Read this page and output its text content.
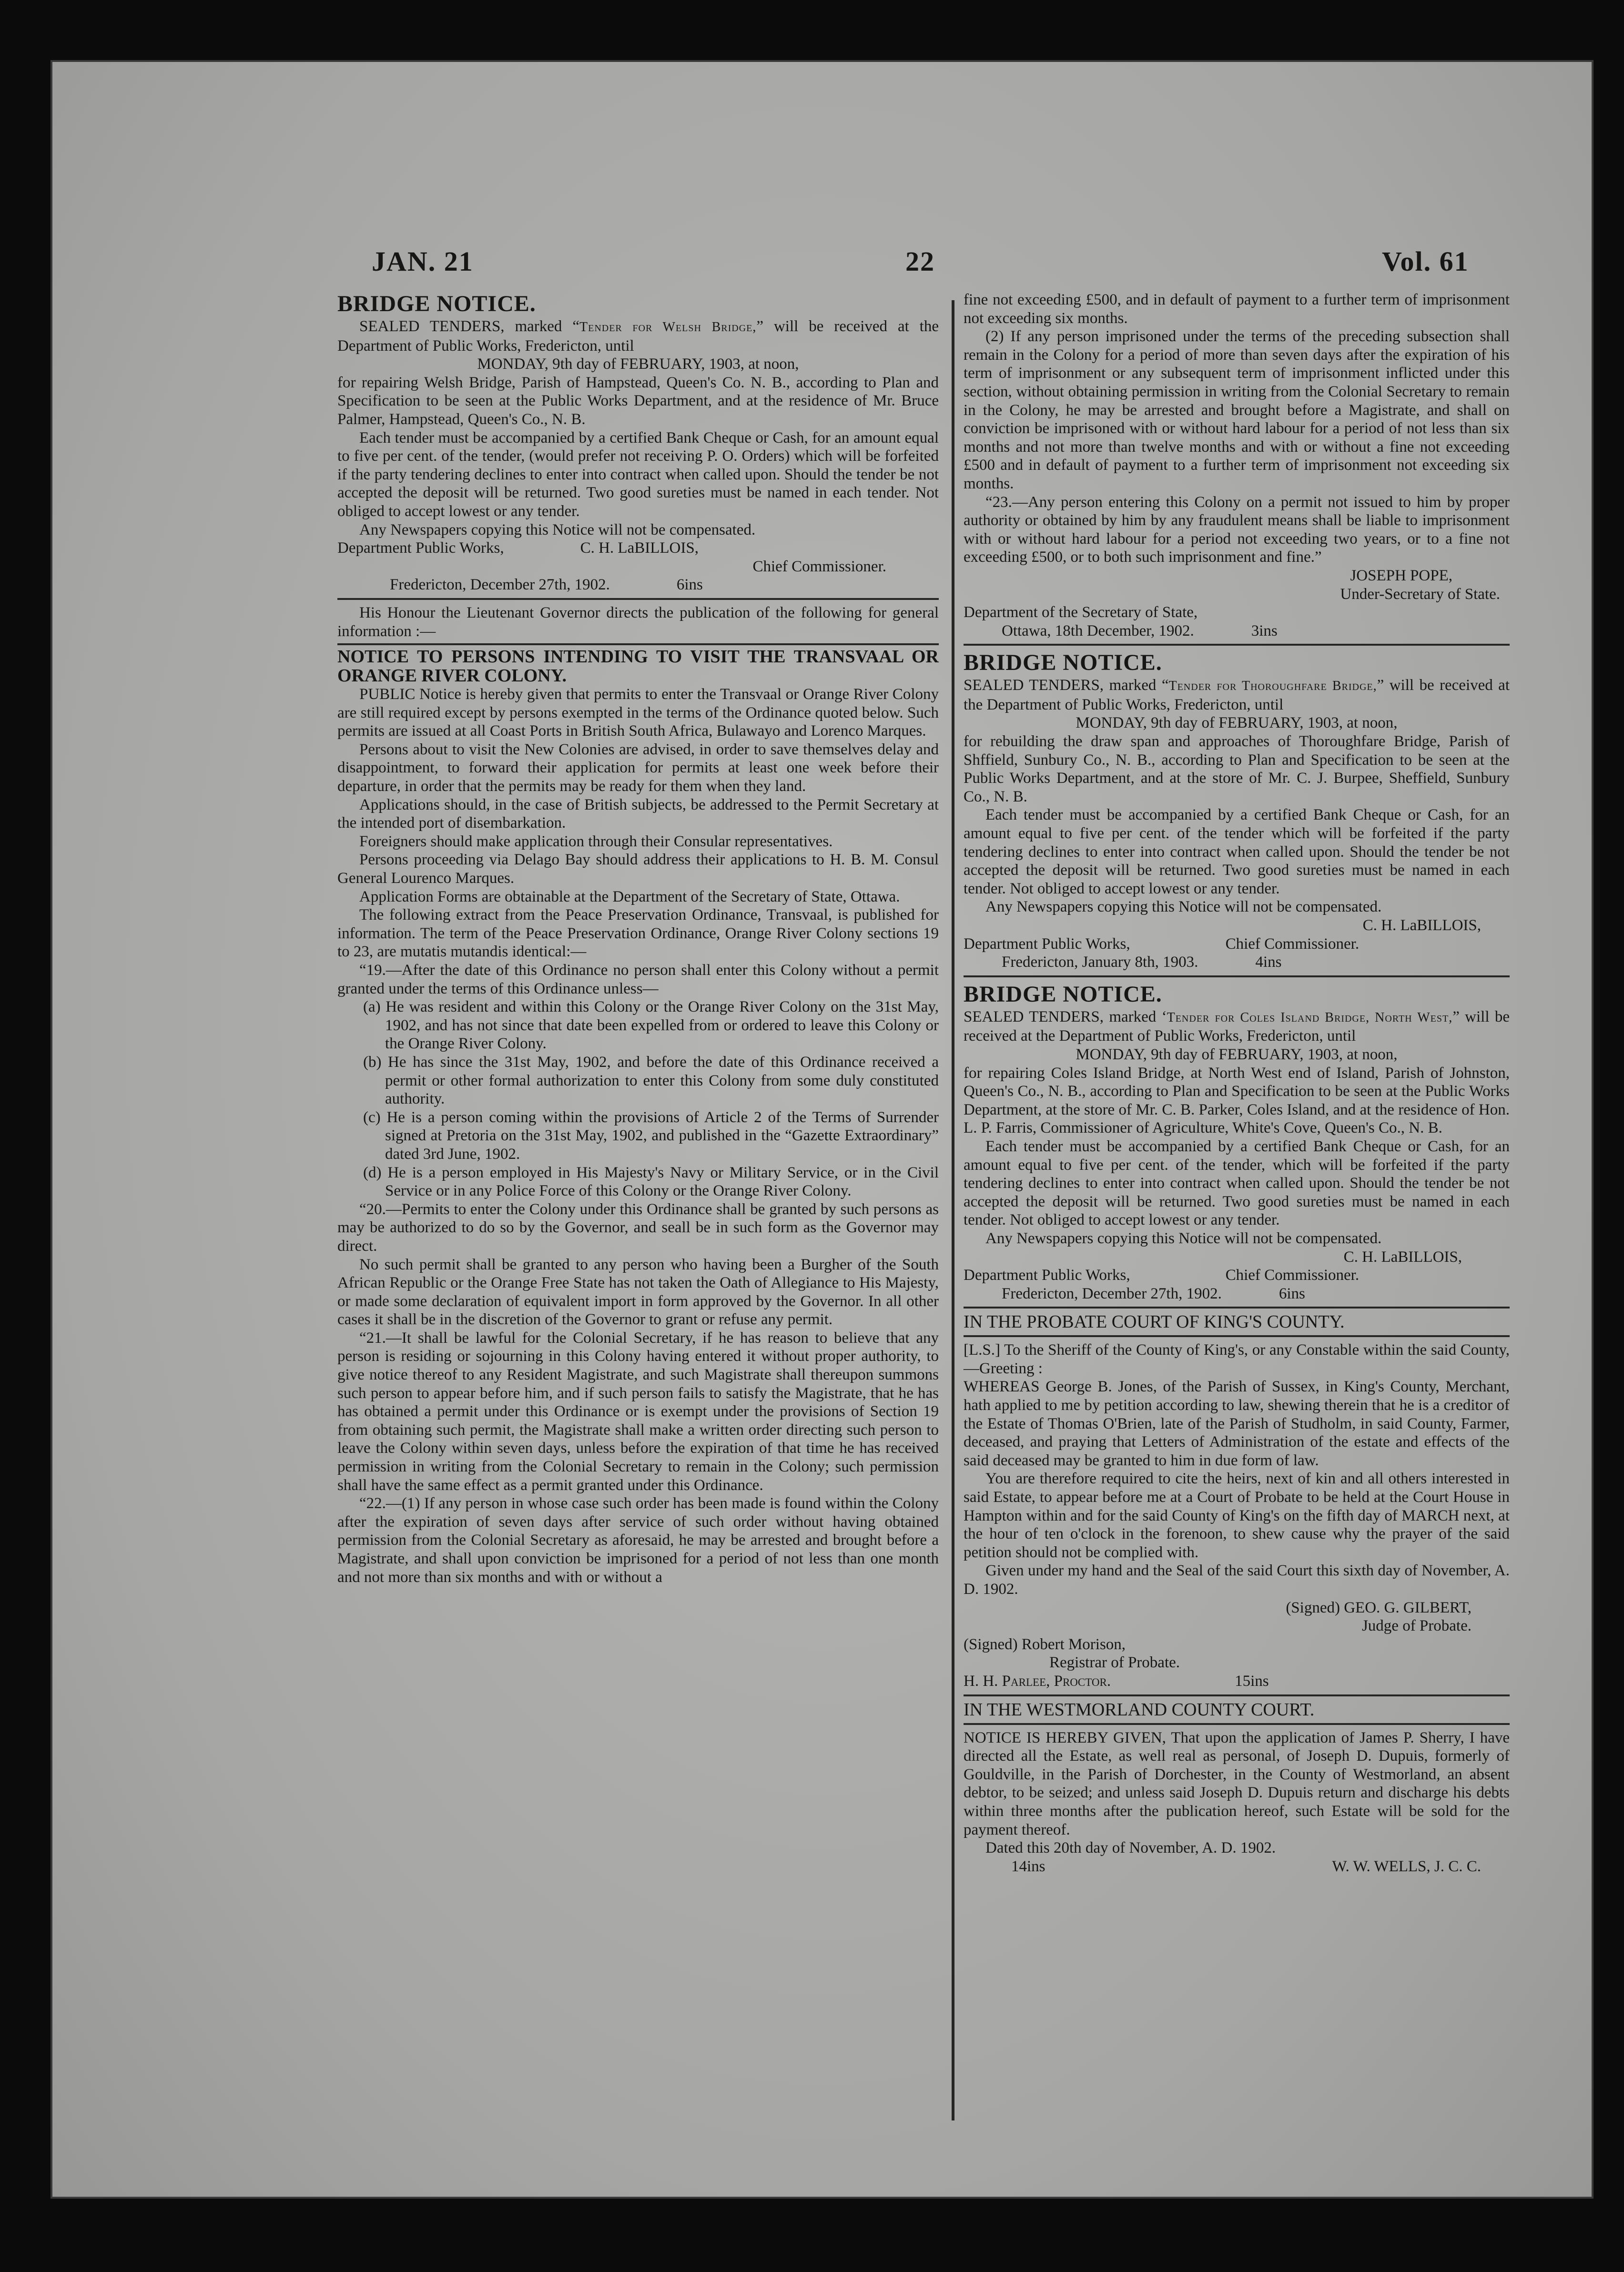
JAN. 21	22	Vol. 61

BRIDGE NOTICE.

SEALED TENDERS, marked “Tender for Welsh Bridge,” will be received at the Department of Public Works, Fredericton, until

MONDAY, 9th day of FEBRUARY, 1903, at noon,

for repairing Welsh Bridge, Parish of Hampstead, Queen's Co. N. B., according to Plan and Specification to be seen at the Public Works Department, and at the residence of Mr. Bruce Palmer, Hampstead, Queen's Co., N. B.

Each tender must be accompanied by a certified Bank Cheque or Cash, for an amount equal to five per cent. of the tender, (would prefer not receiving P. O. Orders) which will be forfeited if the party tendering declines to enter into contract when called upon. Should the tender be not accepted the deposit will be returned. Two good sureties must be named in each tender. Not obliged to accept lowest or any tender.

Any Newspapers copying this Notice will not be compensated.

Department Public Works,	C. H. LaBILLOIS,

Chief Commissioner.

Fredericton, December 27th, 1902.	6ins

His Honour the Lieutenant Governor directs the publication of the following for general information :—

NOTICE TO PERSONS INTENDING TO VISIT THE TRANSVAAL OR ORANGE RIVER COLONY.

PUBLIC Notice is hereby given that permits to enter the Transvaal or Orange River Colony are still required except by persons exempted in the terms of the Ordinance quoted below. Such permits are issued at all Coast Ports in British South Africa, Bulawayo and Lorenco Marques.

Persons about to visit the New Colonies are advised, in order to save themselves delay and disappointment, to forward their application for permits at least one week before their departure, in order that the permits may be ready for them when they land.

Applications should, in the case of British subjects, be addressed to the Permit Secretary at the intended port of disembarkation.

Foreigners should make application through their Consular representatives.

Persons proceeding via Delago Bay should address their applications to H. B. M. Consul General Lourenco Marques.

Application Forms are obtainable at the Department of the Secretary of State, Ottawa.

The following extract from the Peace Preservation Ordinance, Transvaal, is published for information. The term of the Peace Preservation Ordinance, Orange River Colony sections 19 to 23, are mutatis mutandis identical:—

“19.—After the date of this Ordinance no person shall enter this Colony without a permit granted under the terms of this Ordinance unless—

(a) He was resident and within this Colony or the Orange River Colony on the 31st May, 1902, and has not since that date been expelled from or ordered to leave this Colony or the Orange River Colony.

(b) He has since the 31st May, 1902, and before the date of this Ordinance received a permit or other formal authorization to enter this Colony from some duly constituted authority.

(c) He is a person coming within the provisions of Article 2 of the Terms of Surrender signed at Pretoria on the 31st May, 1902, and published in the “Gazette Extraordinary” dated 3rd June, 1902.

(d) He is a person employed in His Majesty's Navy or Military Service, or in the Civil Service or in any Police Force of this Colony or the Orange River Colony.

“20.—Permits to enter the Colony under this Ordinance shall be granted by such persons as may be authorized to do so by the Governor, and seall be in such form as the Governor may direct.

No such permit shall be granted to any person who having been a Burgher of the South African Republic or the Orange Free State has not taken the Oath of Allegiance to His Majesty, or made some declaration of equivalent import in form approved by the Governor. In all other cases it shall be in the discretion of the Governor to grant or refuse any permit.

“21.—It shall be lawful for the Colonial Secretary, if he has reason to believe that any person is residing or sojourning in this Colony having entered it without proper authority, to give notice thereof to any Resident Magistrate, and such Magistrate shall thereupon summons such person to appear before him, and if such person fails to satisfy the Magistrate, that he has has obtained a permit under this Ordinance or is exempt under the provisions of Section 19 from obtaining such permit, the Magistrate shall make a written order directing such person to leave the Colony within seven days, unless before the expiration of that time he has received permission in writing from the Colonial Secretary to remain in the Colony; such permission shall have the same effect as a permit granted under this Ordinance.

“22.—(1) If any person in whose case such order has been made is found within the Colony after the expiration of seven days after service of such order without having obtained permission from the Colonial Secretary as aforesaid, he may be arrested and brought before a Magistrate, and shall upon conviction be imprisoned for a period of not less than one month and not more than six months and with or without a

fine not exceeding £500, and in default of payment to a further term of imprisonment not exceeding six months.

(2) If any person imprisoned under the terms of the preceding subsection shall remain in the Colony for a period of more than seven days after the expiration of his term of imprisonment or any subsequent term of imprisonment inflicted under this section, without obtaining permission in writing from the Colonial Secretary to remain in the Colony, he may be arrested and brought before a Magistrate, and shall on conviction be imprisoned with or without hard labour for a period of not less than six months and not more than twelve months and with or without a fine not exceeding £500 and in default of payment to a further term of imprisonment not exceeding six months.

“23.—Any person entering this Colony on a permit not issued to him by proper authority or obtained by him by any fraudulent means shall be liable to imprisonment with or without hard labour for a period not exceeding two years, or to a fine not exceeding £500, or to both such imprisonment and fine.”

JOSEPH POPE,

Under-Secretary of State.

Department of the Secretary of State,

Ottawa, 18th December, 1902.	3ins

BRIDGE NOTICE.

SEALED TENDERS, marked “Tender for Thoroughfare Bridge,” will be received at the Department of Public Works, Fredericton, until

MONDAY, 9th day of FEBRUARY, 1903, at noon,

for rebuilding the draw span and approaches of Thoroughfare Bridge, Parish of Shffield, Sunbury Co., N. B., according to Plan and Specification to be seen at the Public Works Department, and at the store of Mr. C. J. Burpee, Sheffield, Sunbury Co., N. B.

Each tender must be accompanied by a certified Bank Cheque or Cash, for an amount equal to five per cent. of the tender which will be forfeited if the party tendering declines to enter into contract when called upon. Should the tender be not accepted the deposit will be returned. Two good sureties must be named in each tender. Not obliged to accept lowest or any tender.

Any Newspapers copying this Notice will not be compensated.

C. H. LaBILLOIS,

Department Public Works,	Chief Commissioner.

Fredericton, January 8th, 1903.	4ins

BRIDGE NOTICE.

SEALED TENDERS, marked ‘Tender for Coles Island Bridge, North West,” will be received at the Department of Public Works, Fredericton, until

MONDAY, 9th day of FEBRUARY, 1903, at noon,

for repairing Coles Island Bridge, at North West end of Island, Parish of Johnston, Queen's Co., N. B., according to Plan and Specification to be seen at the Public Works Department, at the store of Mr. C. B. Parker, Coles Island, and at the residence of Hon. L. P. Farris, Commissioner of Agriculture, White's Cove, Queen's Co., N. B.

Each tender must be accompanied by a certified Bank Cheque or Cash, for an amount equal to five per cent. of the tender, which will be forfeited if the party tendering declines to enter into contract when called upon. Should the tender be not accepted the deposit will be returned. Two good sureties must be named in each tender. Not obliged to accept lowest or any tender.

Any Newspapers copying this Notice will not be compensated.

C. H. LaBILLOIS,

Department Public Works,	Chief Commissioner.

Fredericton, December 27th, 1902.	6ins

IN THE PROBATE COURT OF KING'S COUNTY.

[L.S.] To the Sheriff of the County of King's, or any Constable within the said County,—Greeting :

WHEREAS George B. Jones, of the Parish of Sussex, in King's County, Merchant, hath applied to me by petition according to law, shewing therein that he is a creditor of the Estate of Thomas O'Brien, late of the Parish of Studholm, in said County, Farmer, deceased, and praying that Letters of Administration of the estate and effects of the said deceased may be granted to him in due form of law.

You are therefore required to cite the heirs, next of kin and all others interested in said Estate, to appear before me at a Court of Probate to be held at the Court House in Hampton within and for the said County of King's on the fifth day of MARCH next, at the hour of ten o'clock in the forenoon, to shew cause why the prayer of the said petition should not be complied with.

Given under my hand and the Seal of the said Court this sixth day of November, A. D. 1902.

(Signed) GEO. G. GILBERT,

Judge of Probate.

(Signed) Robert Morison,

Registrar of Probate.

H. H. Parlee, Proctor.	15ins

IN THE WESTMORLAND COUNTY COURT.

NOTICE IS HEREBY GIVEN, That upon the application of James P. Sherry, I have directed all the Estate, as well real as personal, of Joseph D. Dupuis, formerly of Gouldville, in the Parish of Dorchester, in the County of Westmorland, an absent debtor, to be seized; and unless said Joseph D. Dupuis return and discharge his debts within three months after the publication hereof, such Estate will be sold for the payment thereof.

Dated this 20th day of November, A. D. 1902.

14ins	W. W. WELLS, J. C. C.
